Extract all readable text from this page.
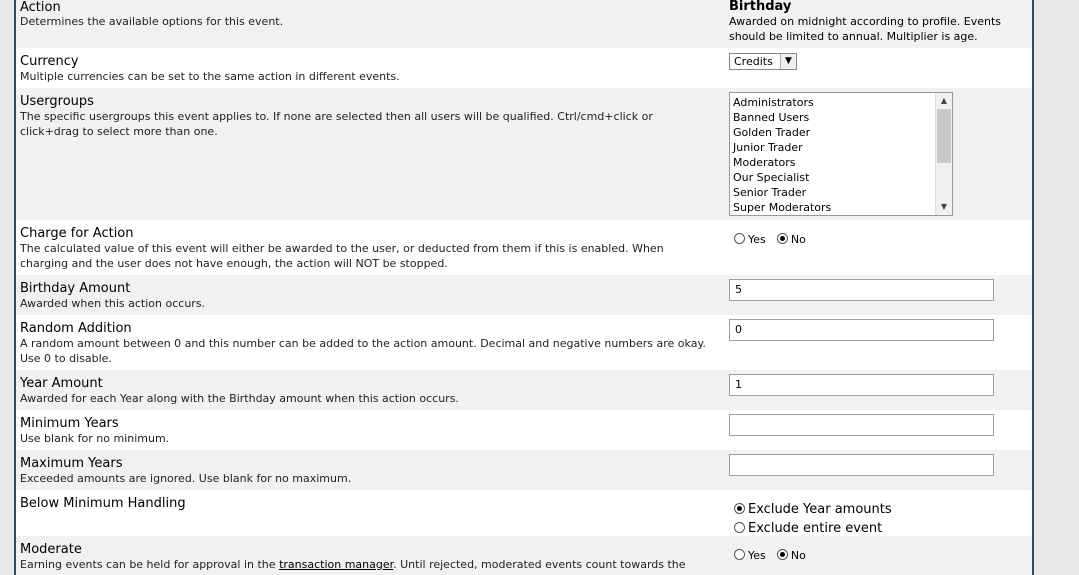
Action
Determines the available options for this event.
Birthday
Awarded on midnight according to profile. Events should be limited to annual. Multiplier is age.
Currency
Multiple currencies can be set to the same action in different events.
Credits	▼
Usergroups
The specific usergroups this event applies to. If none are selected then all users will be qualified. Ctrl/cmd+click or click+drag to select more than one.
Administrators
Banned Users
Golden Trader
Junior Trader
Moderators
Our Specialist
Senior Trader
Super Moderators
▲
▼
Charge for Action
The calculated value of this event will either be awarded to the user, or deducted from them if this is enabled. When charging and the user does not have enough, the action will NOT be stopped.
Yes No
Birthday Amount
Awarded when this action occurs.
5
Random Addition
A random amount between 0 and this number can be added to the action amount. Decimal and negative numbers are okay. Use 0 to disable.
0
Year Amount
Awarded for each Year along with the Birthday amount when this action occurs.
1
Minimum Years
Use blank for no minimum.
Maximum Years
Exceeded amounts are ignored. Use blank for no maximum.
Below Minimum Handling	Exclude Year amounts
Exclude entire event
Moderate
Earning events can be held for approval in the transaction manager. Until rejected, moderated events count towards the
Yes No
